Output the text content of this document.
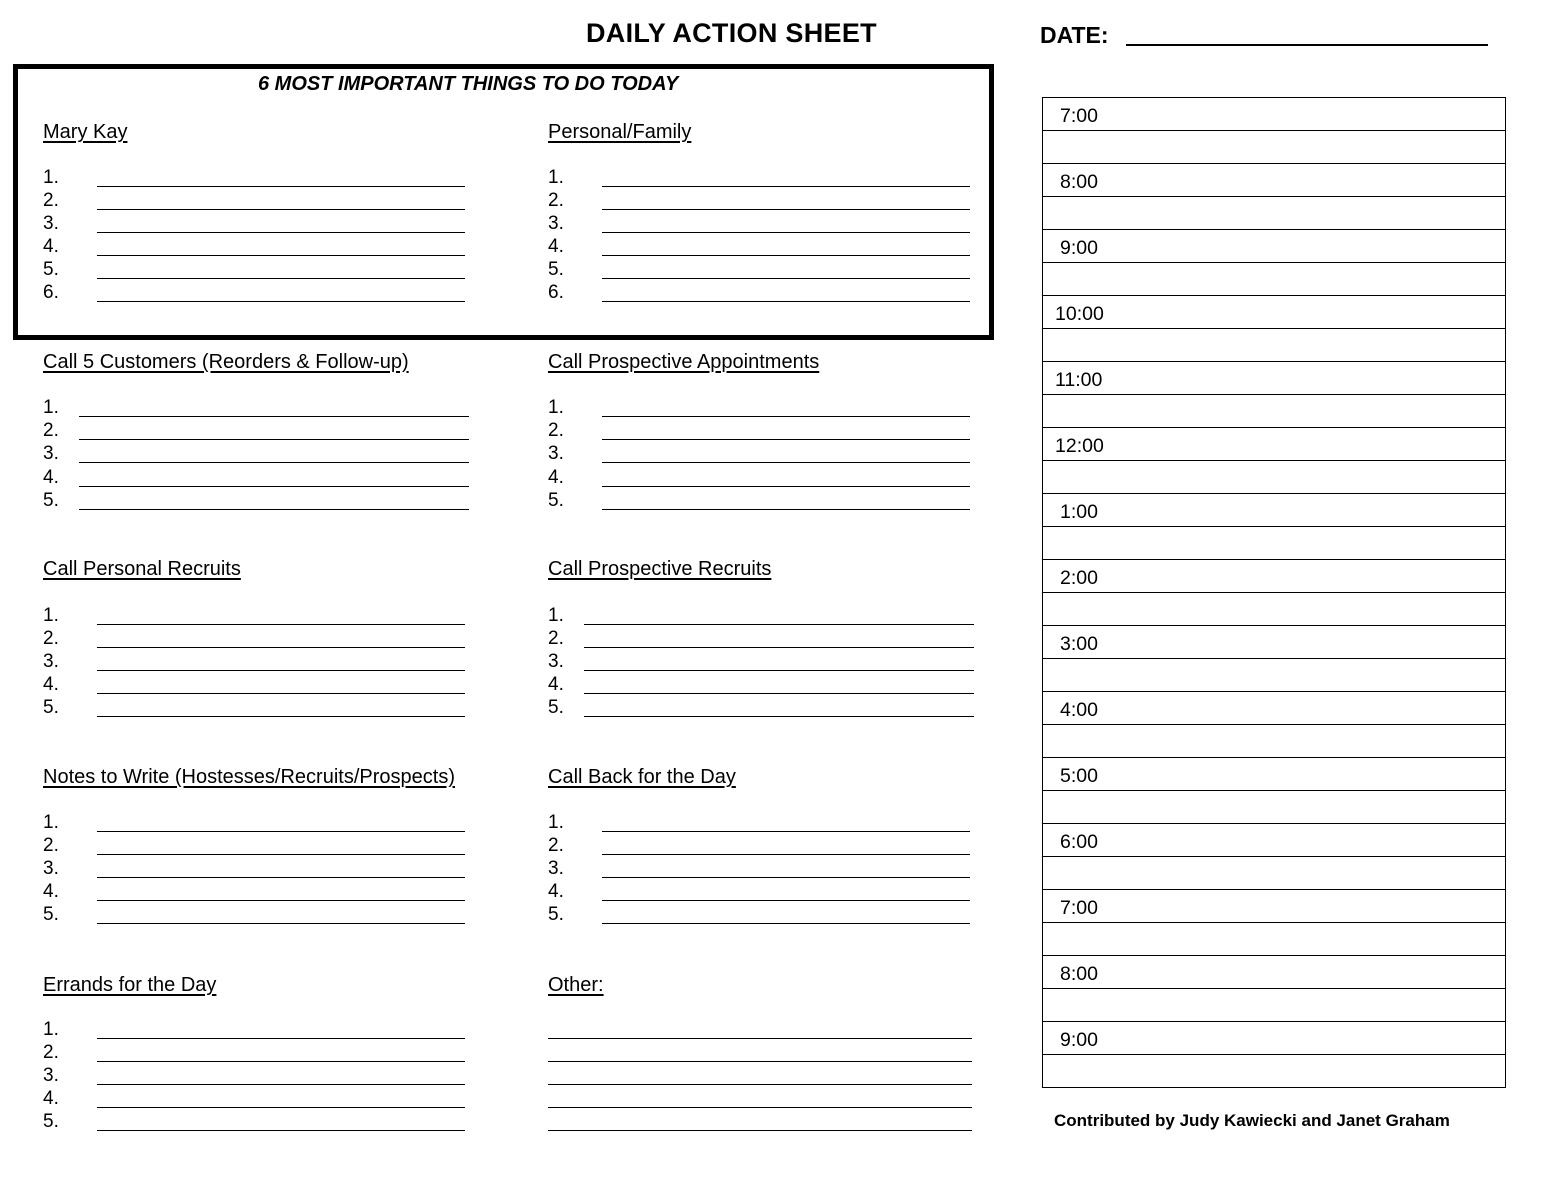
DAILY ACTION SHEET	DATE:
6 MOST IMPORTANT THINGS TO DO TODAY
Mary Kay
1.
2.
3.
4.
5.
6.
Personal/Family
1.
2.
3.
4.
5.
6.
Call 5 Customers (Reorders & Follow-up)
1.
2.
3.
4.
5.
Call Prospective Appointments
1.
2.
3.
4.
5.
Call Personal Recruits
1.
2.
3.
4.
5.
Call Prospective Recruits
1.
2.
3.
4.
5.
Notes to Write (Hostesses/Recruits/Prospects)
1.
2.
3.
4.
5.
Call Back for the Day
1.
2.
3.
4.
5.
Errands for the Day
1.
2.
3.
4.
5.
Other:
7:00
8:00
9:00
10:00
11:00
12:00
1:00
2:00
3:00
4:00
5:00
6:00
7:00
8:00
9:00
Contributed by Judy Kawiecki and Janet Graham
